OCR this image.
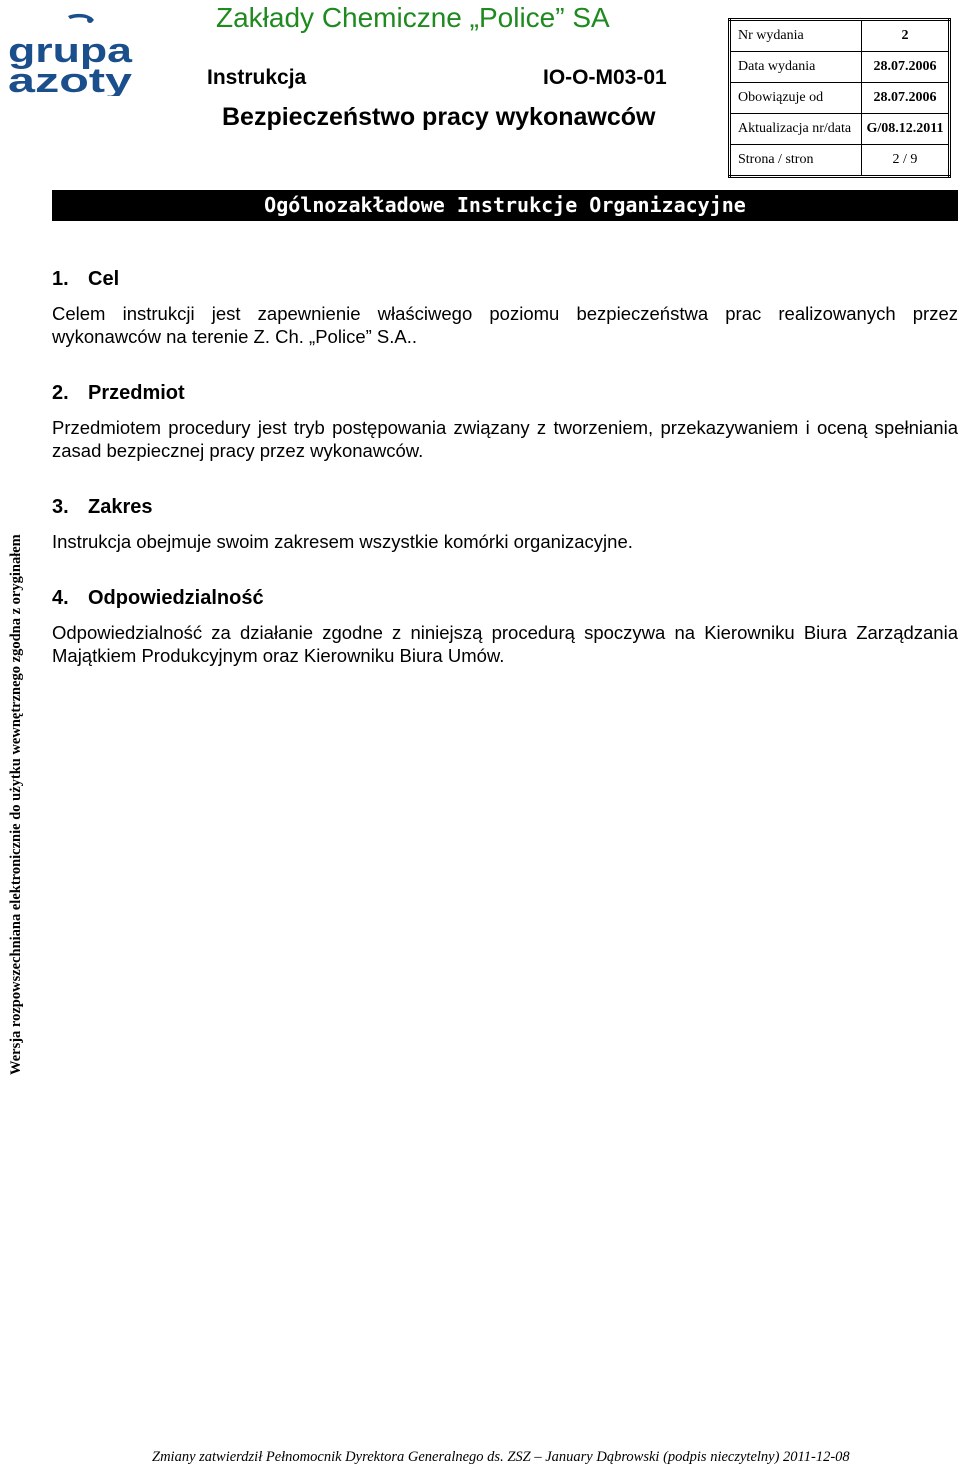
grupa
azoty
Zakłady Chemiczne „Police” SA
Instrukcja	IO-O-M03-01
Bezpieczeństwo pracy wykonawców
Nr wydania	2
Data wydania	28.07.2006
Obowiązuje od	28.07.2006
Aktualizacja nr/data	G/08.12.2011
Strona / stron	2 / 9
Ogólnozakładowe Instrukcje Organizacyjne
1. Cel
Celem instrukcji jest zapewnienie właściwego poziomu bezpieczeństwa prac realizowanych przez wykonawców na terenie Z. Ch. „Police” S.A..
2. Przedmiot
Przedmiotem procedury jest tryb postępowania związany z tworzeniem, przekazywaniem i oceną spełniania zasad bezpiecznej pracy przez wykonawców.
3. Zakres
Instrukcja obejmuje swoim zakresem wszystkie komórki organizacyjne.
4. Odpowiedzialność
Odpowiedzialność za działanie zgodne z niniejszą procedurą spoczywa na Kierowniku Biura Zarządzania Majątkiem Produkcyjnym oraz Kierowniku Biura Umów.
Wersja rozpowszechniana elektronicznie do użytku wewnętrznego zgodna z oryginałem
Zmiany zatwierdził Pełnomocnik Dyrektora Generalnego ds. ZSZ – January Dąbrowski (podpis nieczytelny) 2011-12-08
